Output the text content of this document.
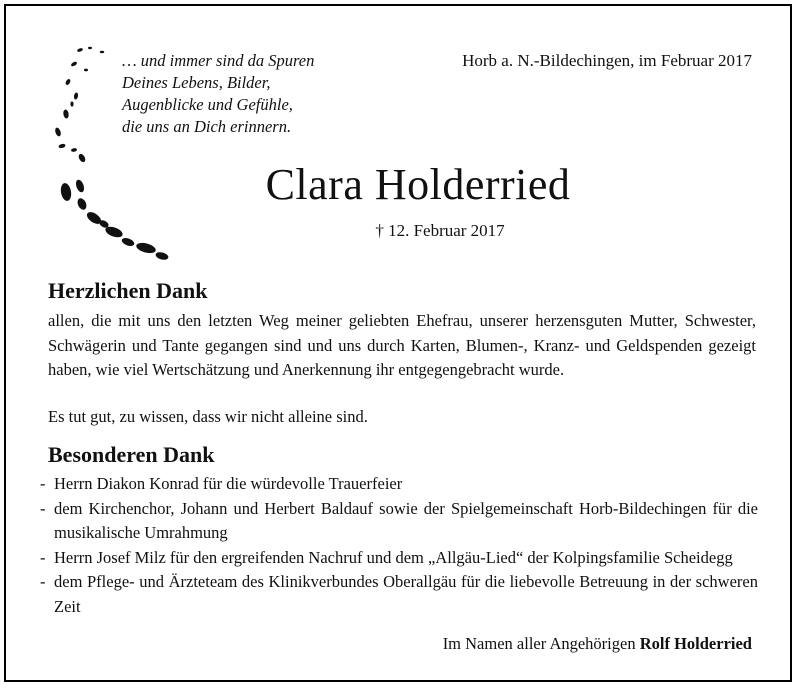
… und immer sind da Spuren
Deines Lebens, Bilder,
Augenblicke und Gefühle,
die uns an Dich erinnern.
Horb a. N.-Bildechingen, im Februar 2017
Clara Holderried
† 12. Februar 2017
Herzlichen Dank
allen, die mit uns den letzten Weg meiner geliebten Ehefrau, unserer herzensguten Mutter, Schwester, Schwägerin und Tante gegangen sind und uns durch Karten, Blumen-, Kranz- und Geldspenden gezeigt haben, wie viel Wertschätzung und Anerkennung ihr entgegengebracht wurde.
Es tut gut, zu wissen, dass wir nicht alleine sind.
Besonderen Dank
- Herrn Diakon Konrad für die würdevolle Trauerfeier
- dem Kirchenchor, Johann und Herbert Baldauf sowie der Spielgemeinschaft Horb-Bildechingen für die musikalische Umrahmung
- Herrn Josef Milz für den ergreifenden Nachruf und dem „Allgäu-Lied“ der Kolpingsfamilie Scheidegg
- dem Pflege- und Ärzteteam des Klinikverbundes Oberallgäu für die liebevolle Betreuung in der schweren Zeit
Im Namen aller Angehörigen Rolf Holderried
